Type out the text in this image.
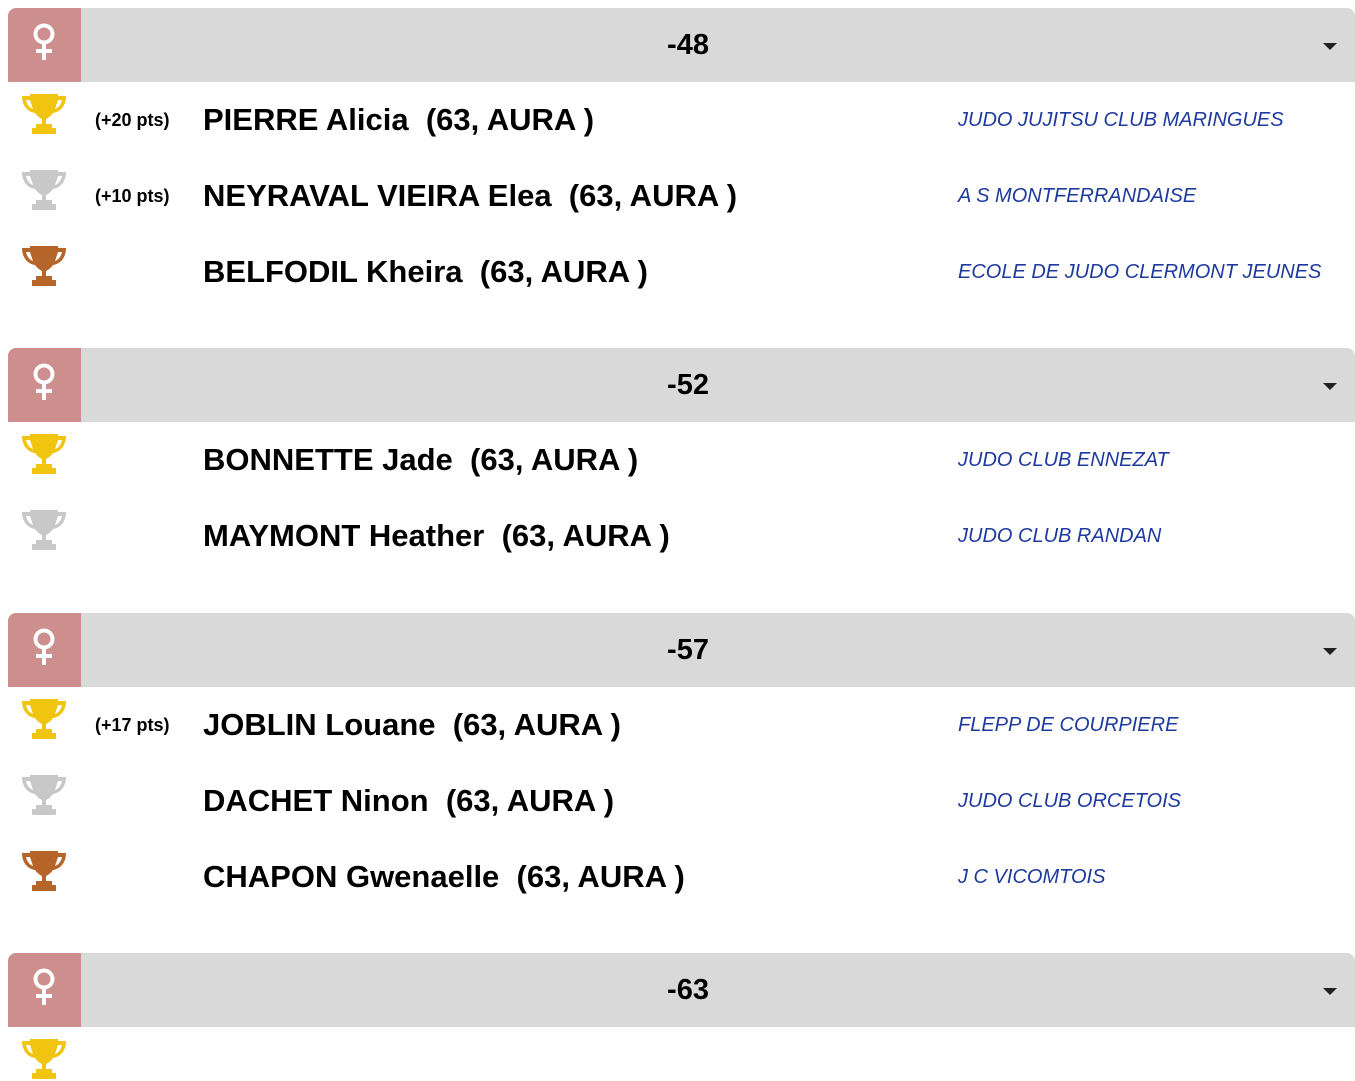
-48
(+20 pts) PIERRE Alicia (63, AURA )	JUDO JUJITSU CLUB MARINGUES
(+10 pts) NEYRAVAL VIEIRA Elea (63, AURA )	A S MONTFERRANDAISE
BELFODIL Kheira (63, AURA )	ECOLE DE JUDO CLERMONT JEUNES
-52
BONNETTE Jade (63, AURA )	JUDO CLUB ENNEZAT
MAYMONT Heather (63, AURA )	JUDO CLUB RANDAN
-57
(+17 pts) JOBLIN Louane (63, AURA )	FLEPP DE COURPIERE
DACHET Ninon (63, AURA )	JUDO CLUB ORCETOIS
CHAPON Gwenaelle (63, AURA )	J C VICOMTOIS
-63
